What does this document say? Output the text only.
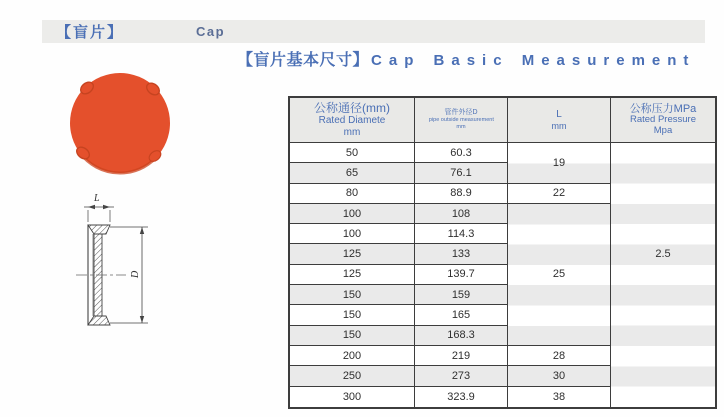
【盲片】	Cap
【盲片基本尺寸】 Cap Basic Measurement
L
D
公称通径(mm)
Rated Diamete
mm
管件外径D
pipe outside measurement
mm
L
mm
公称压力MPa
Rated Pressure
Mpa
50
65
80
100
100
125
125
150
150
150
200
250
300
60.3
76.1
88.9
108
114.3
133
139.7
159
165
168.3
219
273
323.9
19
22
25
28
30
38
2.5
